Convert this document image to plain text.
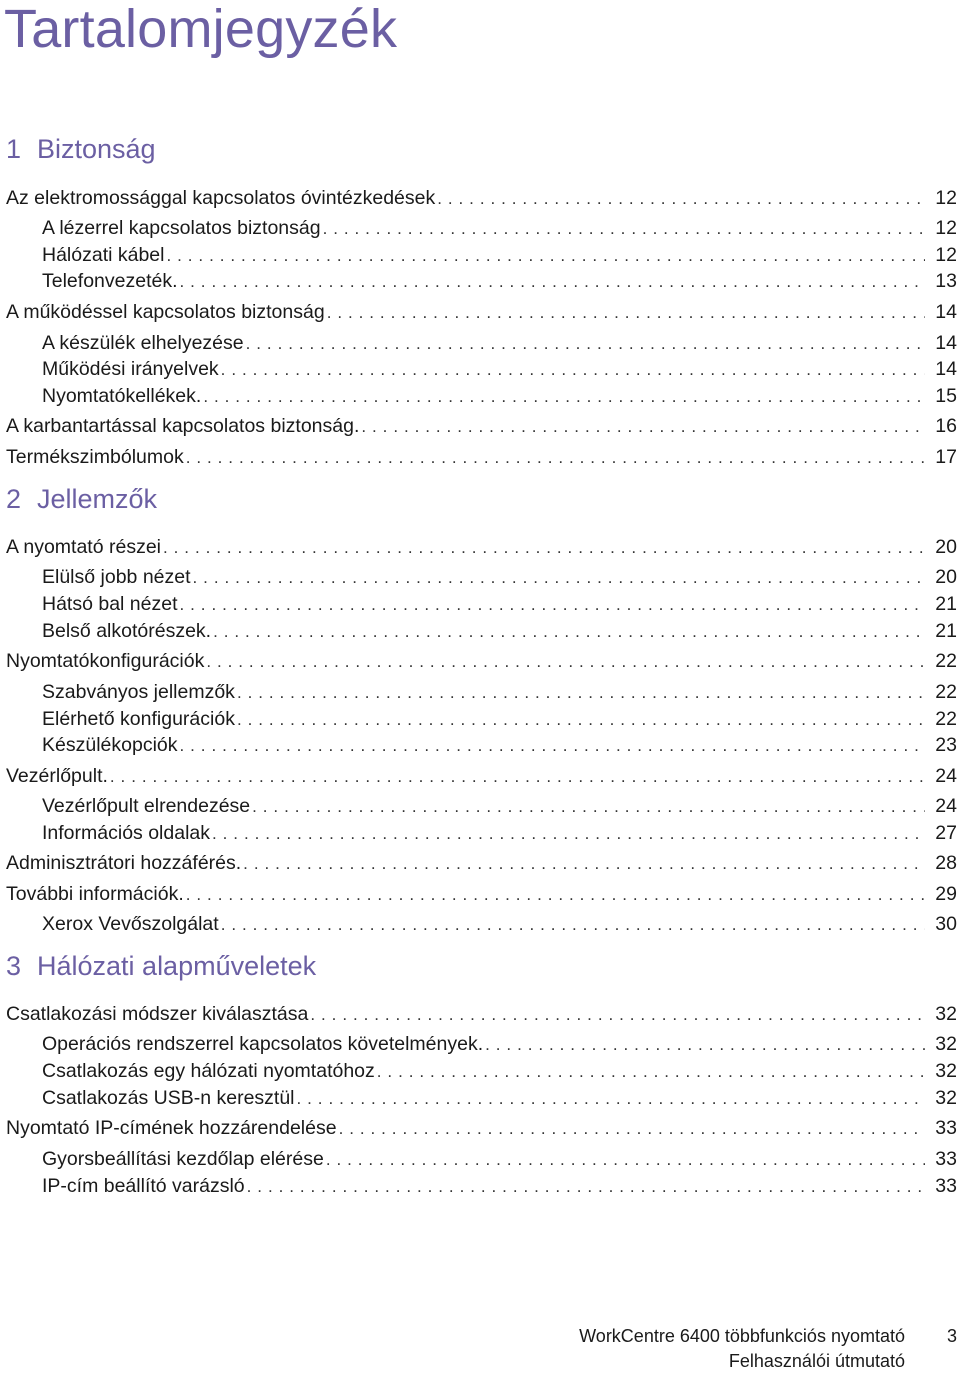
Tartalomjegyzék
1 Biztonság
Az elektromossággal kapcsolatos óvintézkedések . . .	12
A lézerrel kapcsolatos biztonság . . .	12
Hálózati kábel . . .	12
Telefonvezeték. . . .	13
A működéssel kapcsolatos biztonság . . .	14
A készülék elhelyezése . . .	14
Működési irányelvek . . .	14
Nyomtatókellékek. . . .	15
A karbantartással kapcsolatos biztonság. . . .	16
Termékszimbólumok . . .	17
2 Jellemzők
A nyomtató részei . . .	20
Elülső jobb nézet . . .	20
Hátsó bal nézet . . .	21
Belső alkotórészek. . . .	21
Nyomtatókonfigurációk . . .	22
Szabványos jellemzők . . .	22
Elérhető konfigurációk . . .	22
Készülékopciók . . .	23
Vezérlőpult. . . .	24
Vezérlőpult elrendezése . . .	24
Információs oldalak . . .	27
Adminisztrátori hozzáférés. . . .	28
További információk. . . .	29
Xerox Vevőszolgálat . . .	30
3 Hálózati alapműveletek
Csatlakozási módszer kiválasztása . . .	32
Operációs rendszerrel kapcsolatos követelmények. . . .	32
Csatlakozás egy hálózati nyomtatóhoz . . .	32
Csatlakozás USB-n keresztül . . .	32
Nyomtató IP-címének hozzárendelése . . .	33
Gyorsbeállítási kezdőlap elérése . . .	33
IP-cím beállító varázsló . . .	33
WorkCentre 6400 többfunkciós nyomtató	3
Felhasználói útmutató
